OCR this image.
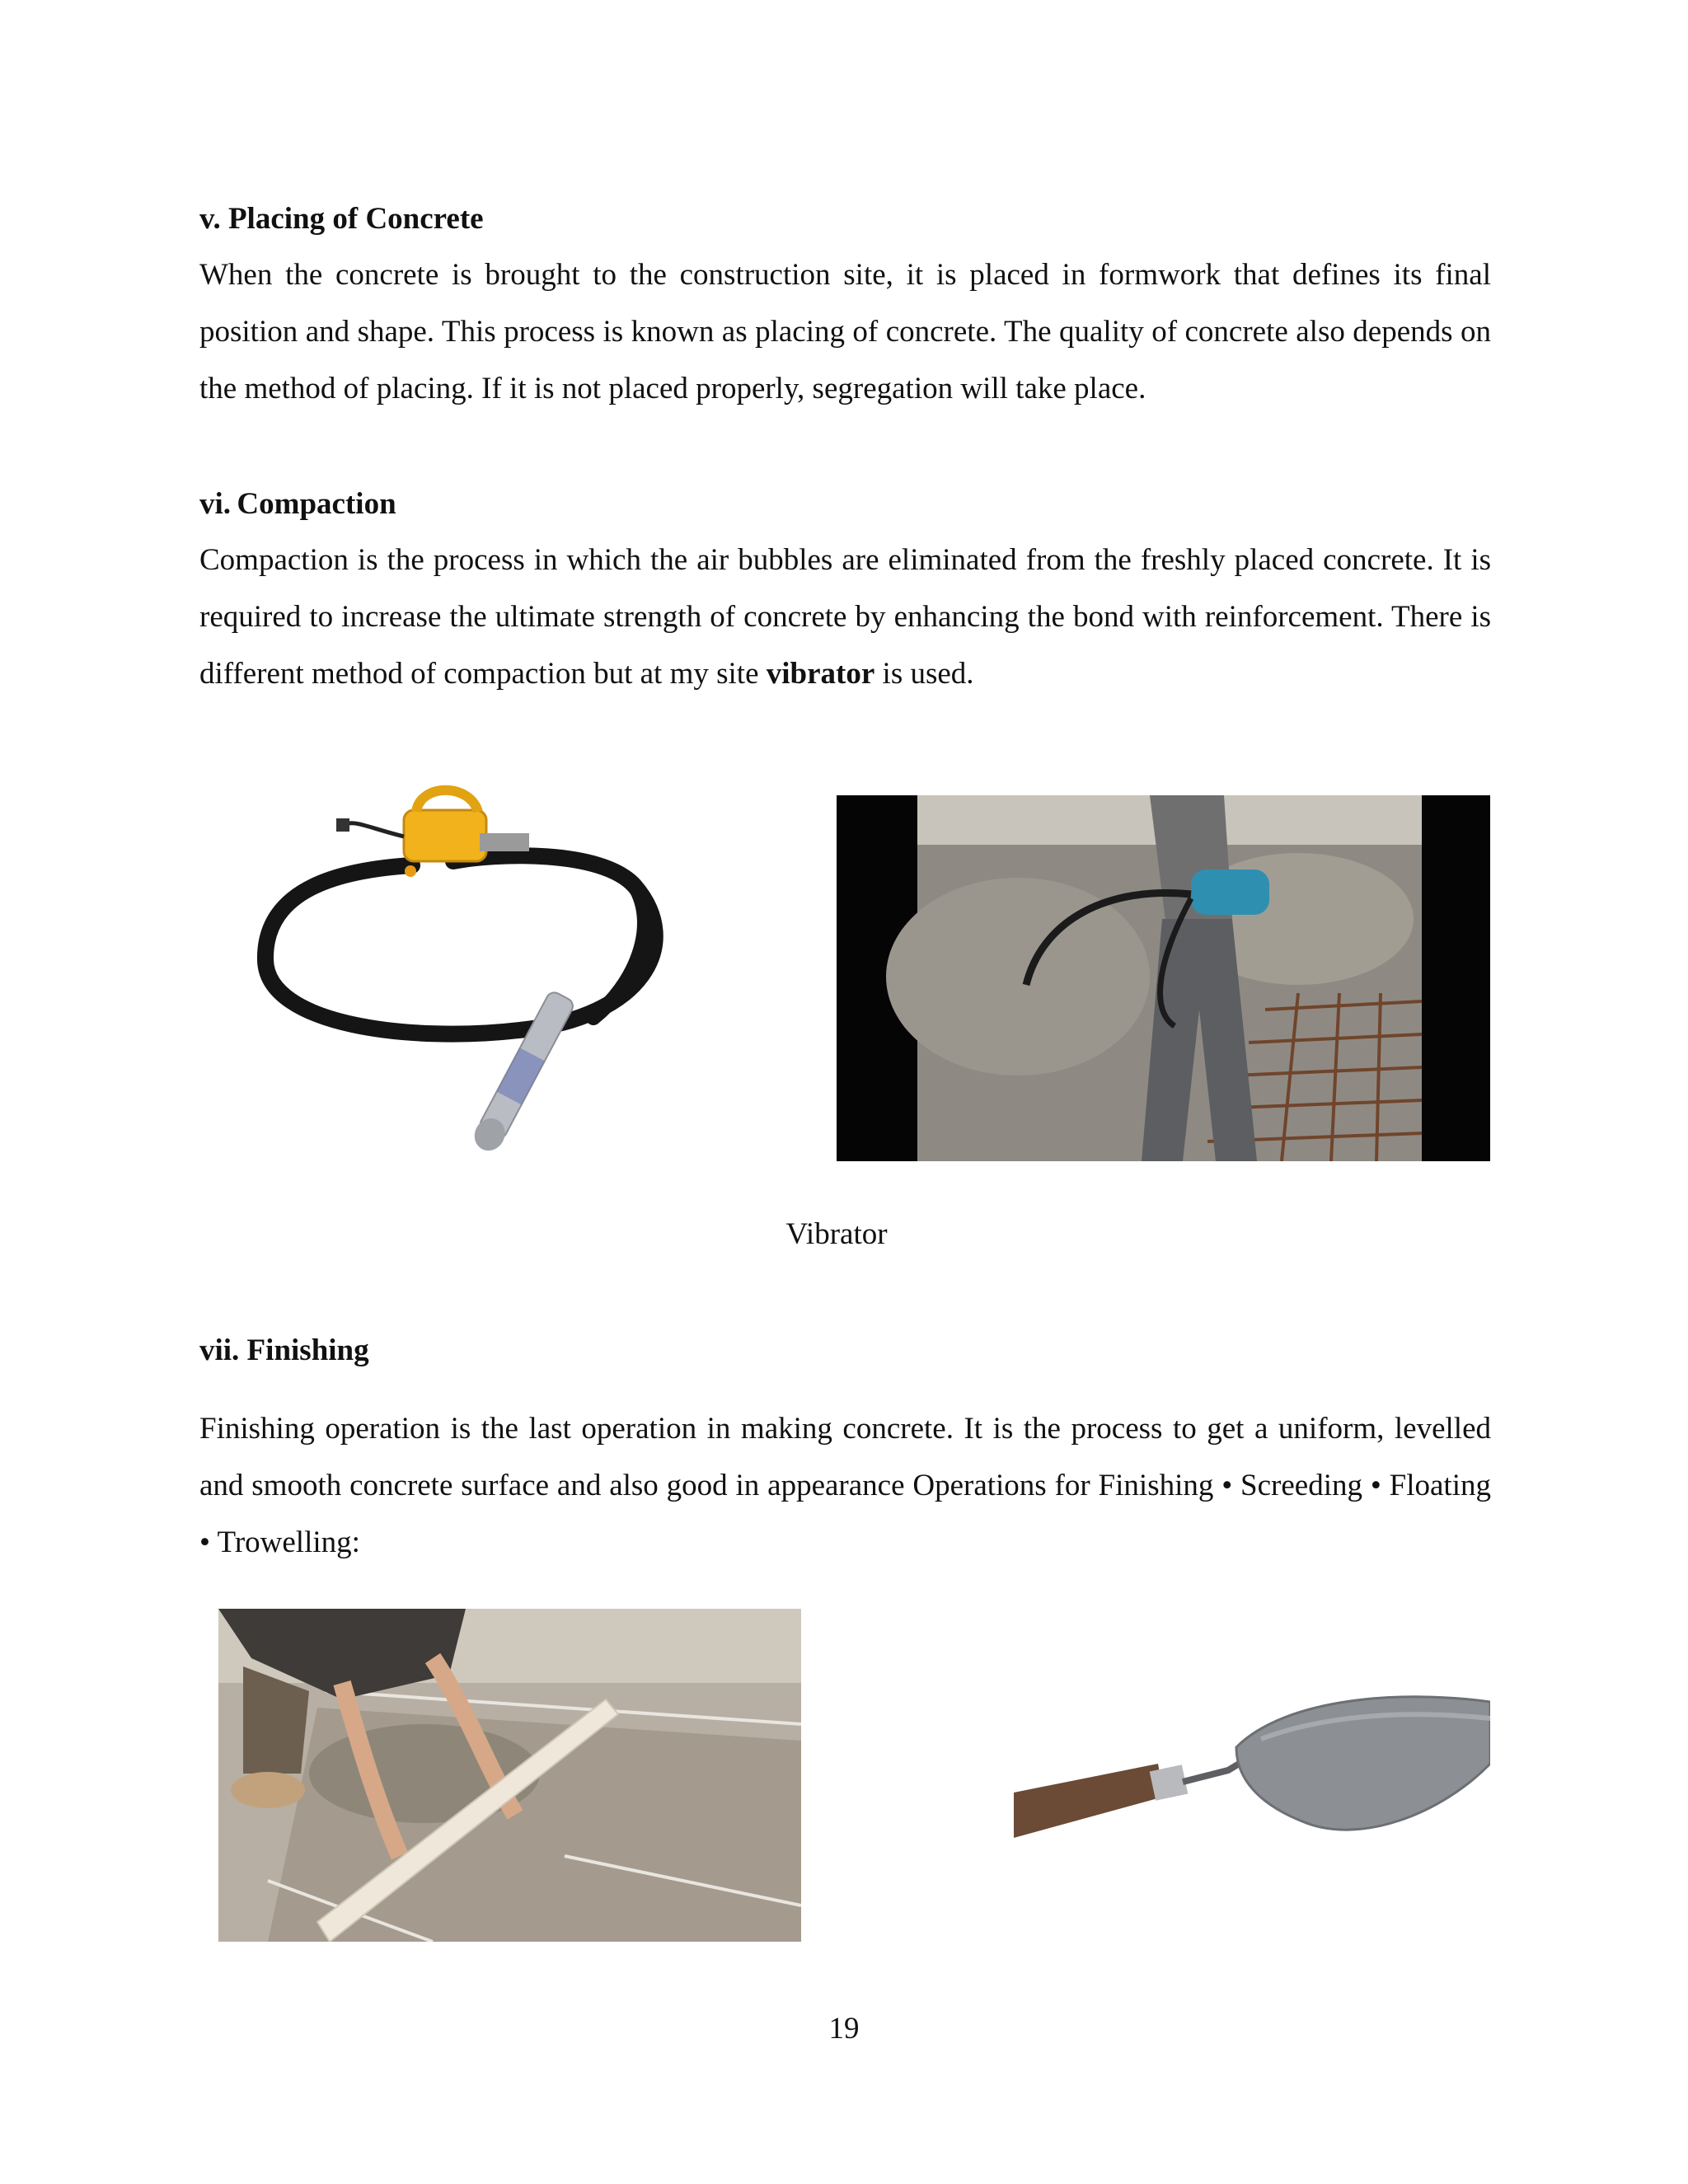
v. Placing of Concrete
When the concrete is brought to the construction site, it is placed in formwork that defines its final position and shape. This process is known as placing of concrete. The quality of concrete also depends on the method of placing. If it is not placed properly, segregation will take place.
vi. Compaction
Compaction is the process in which the air bubbles are eliminated from the freshly placed concrete. It is required to increase the ultimate strength of concrete by enhancing the bond with reinforcement. There is different method of compaction but at my site vibrator is used.
Vibrator
vii. Finishing
Finishing operation is the last operation in making concrete. It is the process to get a uniform, levelled and smooth concrete surface and also good in appearance Operations for Finishing • Screeding • Floating • Trowelling:
19
